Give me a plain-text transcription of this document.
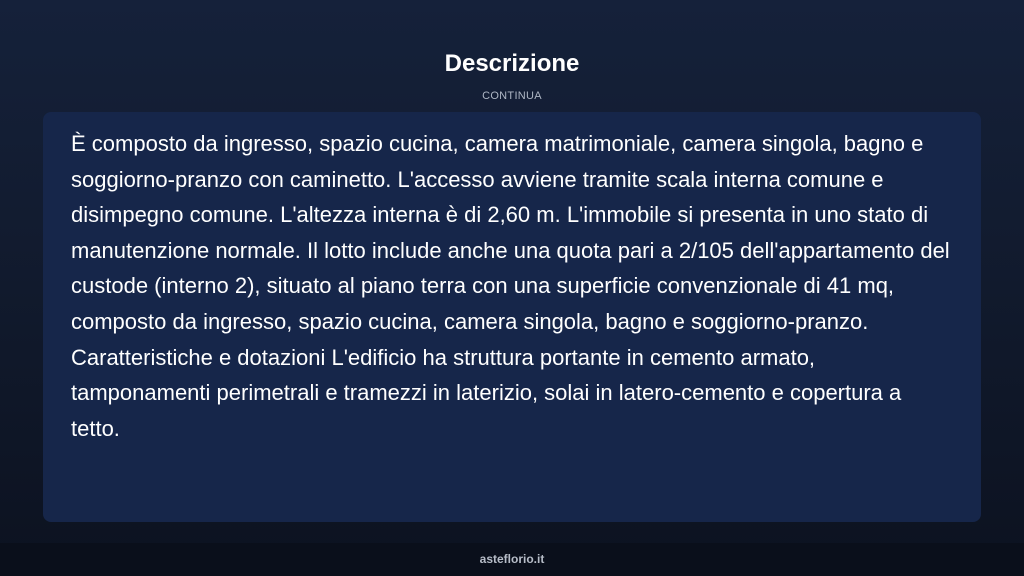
Descrizione
CONTINUA

È composto da ingresso, spazio cucina, camera matrimoniale, camera singola, bagno e soggiorno-pranzo con caminetto. L'accesso avviene tramite scala interna comune e disimpegno comune. L'altezza interna è di 2,60 m. L'immobile si presenta in uno stato di manutenzione normale. Il lotto include anche una quota pari a 2/105 dell'appartamento del custode (interno 2), situato al piano terra con una superficie convenzionale di 41 mq, composto da ingresso, spazio cucina, camera singola, bagno e soggiorno-pranzo. Caratteristiche e dotazioni L'edificio ha struttura portante in cemento armato, tamponamenti perimetrali e tramezzi in laterizio, solai in latero-cemento e copertura a tetto.

asteflorio.it
